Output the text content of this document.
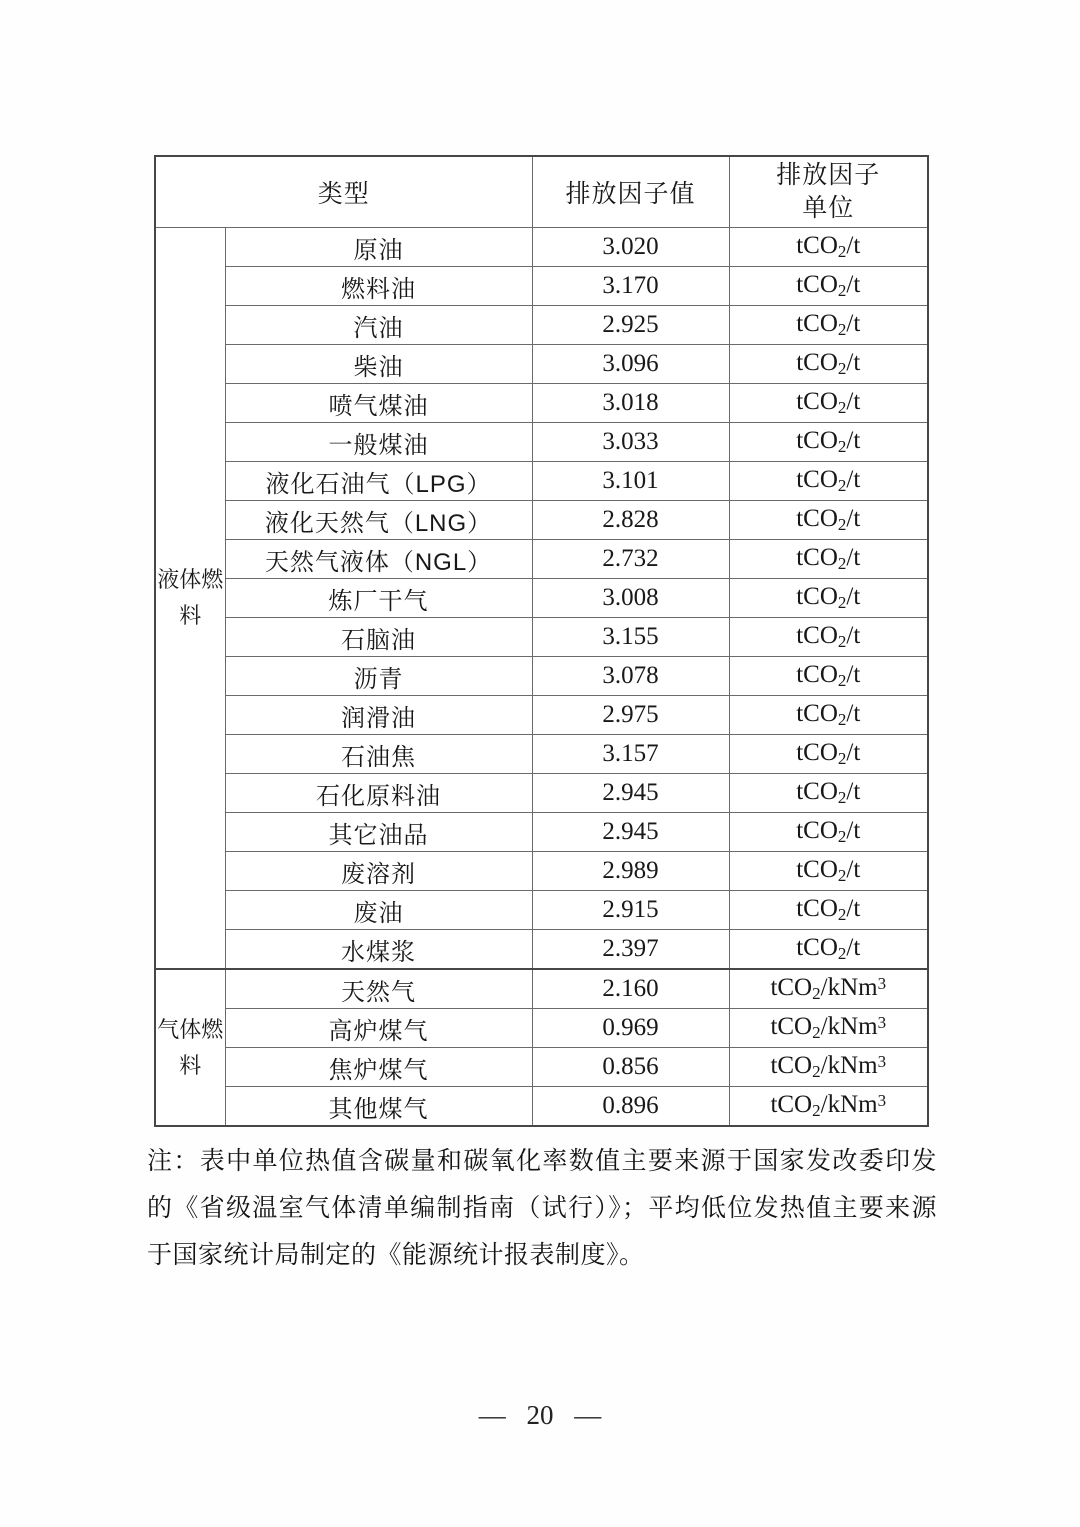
类型		排放因子值	排放因子
单位

液体燃料	原油	3.020	tCO$_2$/t
	燃料油	3.170	tCO$_2$/t
	汽油	2.925	tCO$_2$/t
	柴油	3.096	tCO$_2$/t
	喷气煤油	3.018	tCO$_2$/t
	一般煤油	3.033	tCO$_2$/t
	液化石油气（LPG）	3.101	tCO$_2$/t
	液化天然气（LNG）	2.828	tCO$_2$/t
	天然气液体（NGL）	2.732	tCO$_2$/t
	炼厂干气	3.008	tCO$_2$/t
	石脑油	3.155	tCO$_2$/t
	沥青	3.078	tCO$_2$/t
	润滑油	2.975	tCO$_2$/t
	石油焦	3.157	tCO$_2$/t
	石化原料油	2.945	tCO$_2$/t
	其它油品	2.945	tCO$_2$/t
	废溶剂	2.989	tCO$_2$/t
	废油	2.915	tCO$_2$/t
	水煤浆	2.397	tCO$_2$/t
气体燃料	天然气	2.160	tCO$_2$/kNm$^3$
	高炉煤气	0.969	tCO$_2$/kNm$^3$
	焦炉煤气	0.856	tCO$_2$/kNm$^3$
	其他煤气	0.896	tCO$_2$/kNm$^3$

注：表中单位热值含碳量和碳氧化率数值主要来源于国家发改委印发的《省级温室气体清单编制指南（试行）》；平均低位发热值主要来源于国家统计局制定的《能源统计报表制度》。

— 20 —
